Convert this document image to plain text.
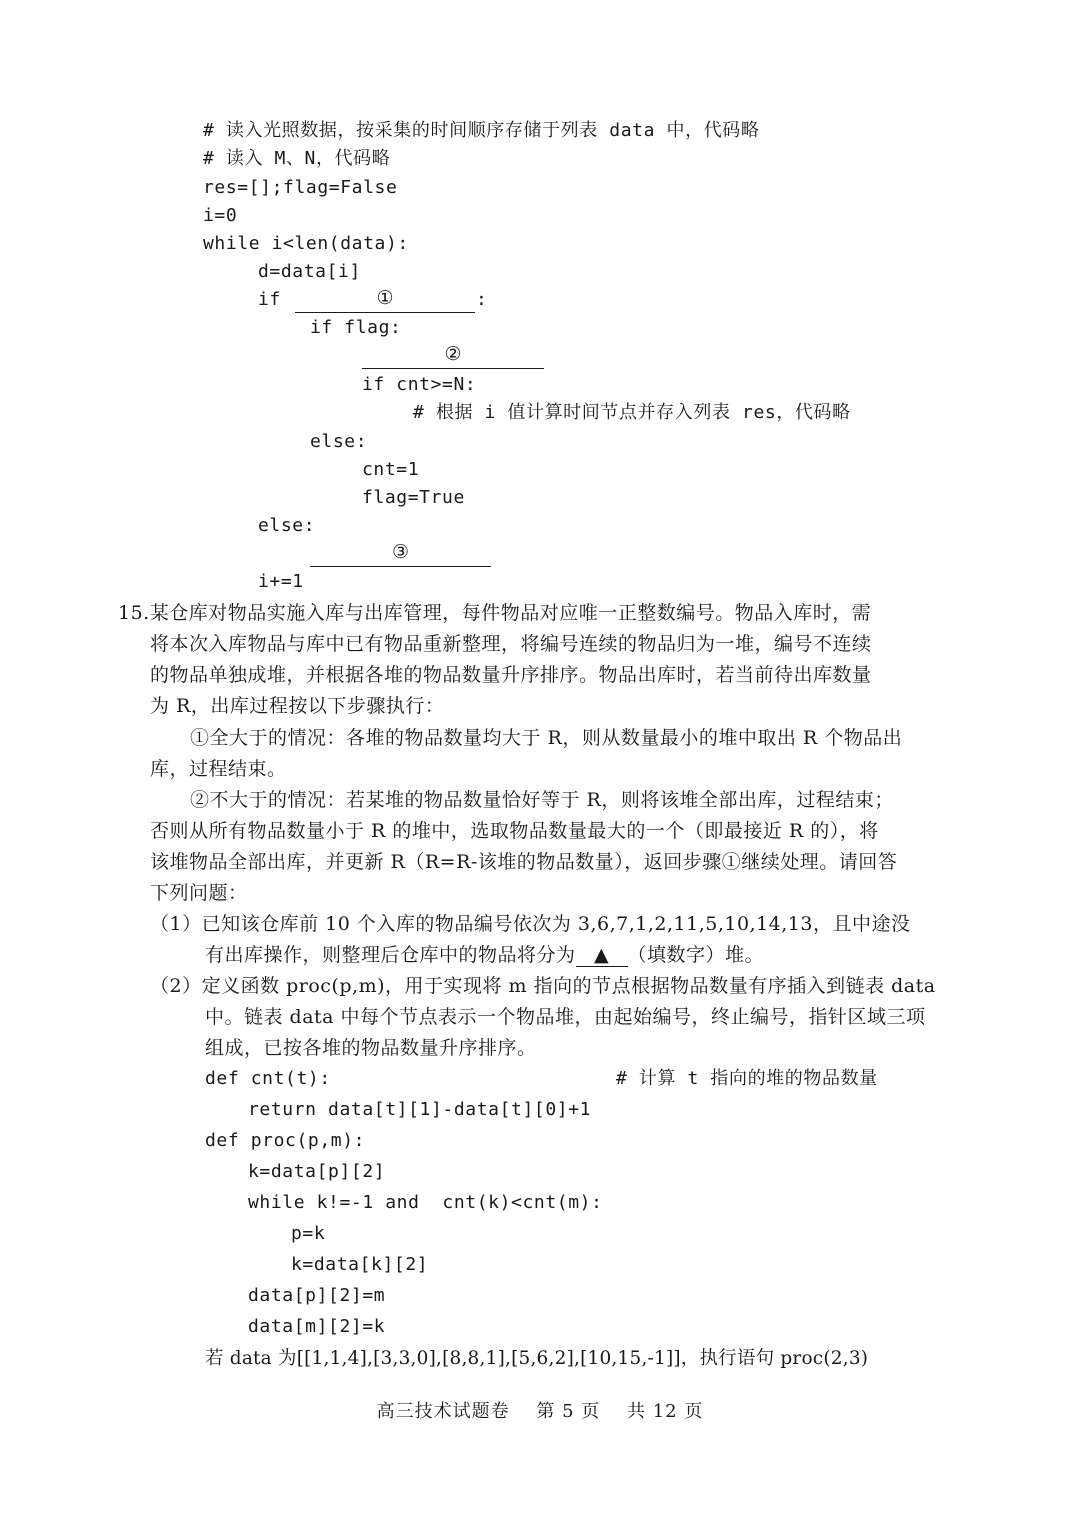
# 读入光照数据，按采集的时间顺序存储于列表 data 中，代码略
# 读入 M、N，代码略
res=[];flag=False
i=0
while i<len(data):
d=data[i]
if	①	:
if flag:
②
if cnt>=N:
# 根据 i 值计算时间节点并存入列表 res，代码略
else:
cnt=1
flag=True
else:
③
i+=1
15.某仓库对物品实施入库与出库管理，每件物品对应唯一正整数编号。物品入库时，需
将本次入库物品与库中已有物品重新整理，将编号连续的物品归为一堆，编号不连续
的物品单独成堆，并根据各堆的物品数量升序排序。物品出库时，若当前待出库数量
为 R，出库过程按以下步骤执行：
①全大于的情况：各堆的物品数量均大于 R，则从数量最小的堆中取出 R 个物品出
库，过程结束。
②不大于的情况：若某堆的物品数量恰好等于 R，则将该堆全部出库，过程结束；
否则从所有物品数量小于 R 的堆中，选取物品数量最大的一个（即最接近 R 的），将
该堆物品全部出库，并更新 R（R=R-该堆的物品数量），返回步骤①继续处理。请回答
下列问题：
（1）已知该仓库前 10 个入库的物品编号依次为 3,6,7,1,2,11,5,10,14,13，且中途没
有出库操作，则整理后仓库中的物品将分为 ▲ （填数字）堆。
（2）定义函数 proc(p,m)，用于实现将 m 指向的节点根据物品数量有序插入到链表 data
中。链表 data 中每个节点表示一个物品堆，由起始编号，终止编号，指针区域三项
组成，已按各堆的物品数量升序排序。
def cnt(t):	# 计算 t 指向的堆的物品数量
return data[t][1]-data[t][0]+1
def proc(p,m):
k=data[p][2]
while k!=-1 and  cnt(k)<cnt(m):
p=k
k=data[k][2]
data[p][2]=m
data[m][2]=k
若 data 为[[1,1,4],[3,3,0],[8,8,1],[5,6,2],[10,15,-1]]，执行语句 proc(2,3)
高三技术试题卷 第 5 页 共 12 页
